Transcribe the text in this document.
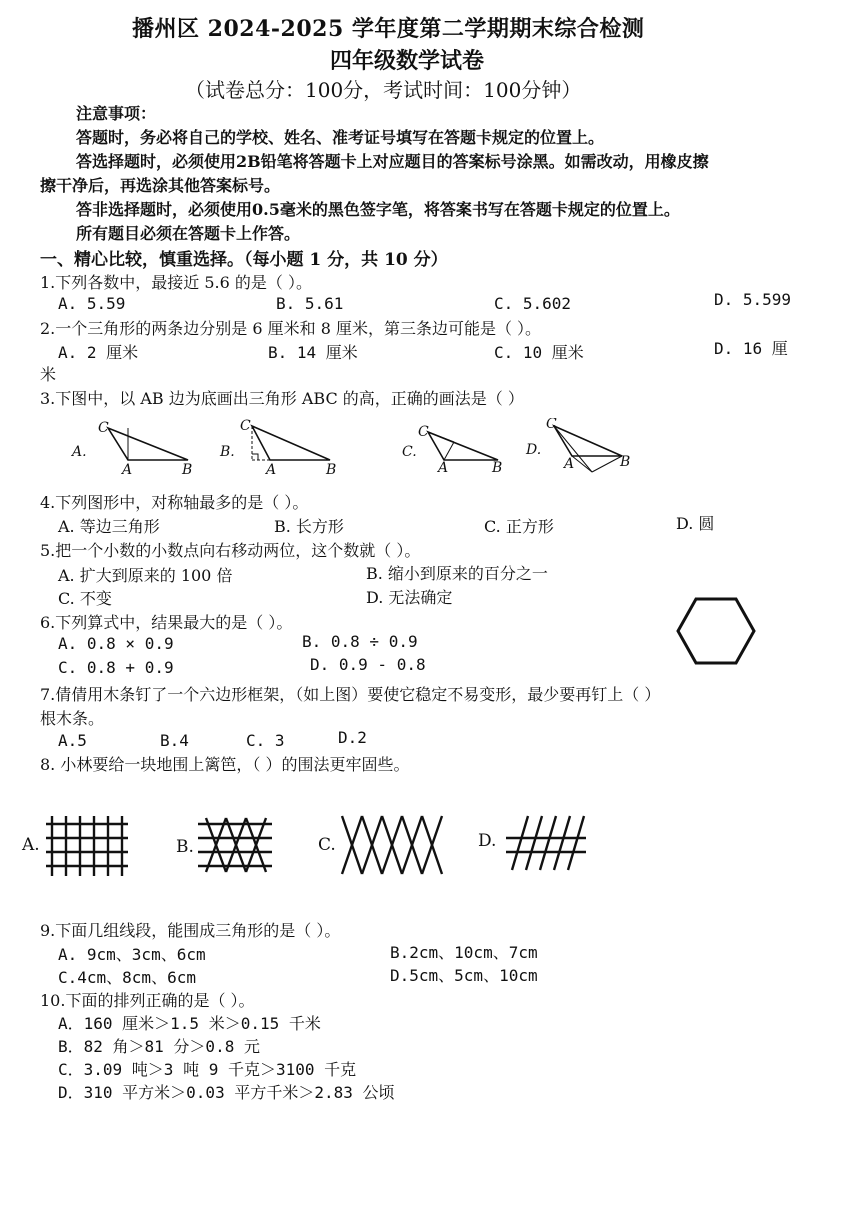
播州区 2024-2025 学年度第二学期期末综合检测
四年级数学试卷
（试卷总分：100分，考试时间：100分钟）
注意事项：
答题时，务必将自己的学校、姓名、准考证号填写在答题卡规定的位置上。
答选择题时，必须使用2B铅笔将答题卡上对应题目的答案标号涂黑。如需改动，用橡皮擦
擦干净后，再选涂其他答案标号。
答非选择题时，必须使用0.5毫米的黑色签字笔，将答案书写在答题卡规定的位置上。
所有题目必须在答题卡上作答。
一、精心比较，慎重选择。（每小题 1 分，共 10 分）
1.下列各数中，最接近 5.6 的是（ ）。
A. 5.59	B. 5.61	C. 5.602	D. 5.599
2.一个三角形的两条边分别是 6 厘米和 8 厘米，第三条边可能是（ ）。
A. 2 厘米	B. 14 厘米	C. 10 厘米	D. 16 厘
米
3.下图中，以 AB 边为底画出三角形 ABC 的高，正确的画法是（ ）
A.
C
A	B
B.
C
A	B
C.
C
A	B
D.
C
A	B
4.下列图形中，对称轴最多的是（ ）。
A. 等边三角形	B. 长方形	C. 正方形	D. 圆
5.把一个小数的小数点向右移动两位，这个数就（ ）。
A. 扩大到原来的 100 倍	B. 缩小到原来的百分之一
C. 不变	D. 无法确定
6.下列算式中，结果最大的是（ ）。
A. 0.8 × 0.9	B. 0.8 ÷ 0.9
C. 0.8 + 0.9	D. 0.9 - 0.8
7.倩倩用木条钉了一个六边形框架，（如上图）要使它稳定不易变形，最少要再钉上（ ）
根木条。
A.5	B.4	C. 3	D.2
8. 小林要给一块地围上篱笆，（ ）的围法更牢固些。
A.	B.	C.	D.
9.下面几组线段，能围成三角形的是（ ）。
A. 9cm、3cm、6cm	B.2cm、10cm、7cm
C.4cm、8cm、6cm	D.5cm、5cm、10cm
10.下面的排列正确的是（ ）。
A．160 厘米＞1.5 米＞0.15 千米
B．82 角＞81 分＞0.8 元
C．3.09 吨＞3 吨 9 千克＞3100 千克
D．310 平方米＞0.03 平方千米＞2.83 公顷
